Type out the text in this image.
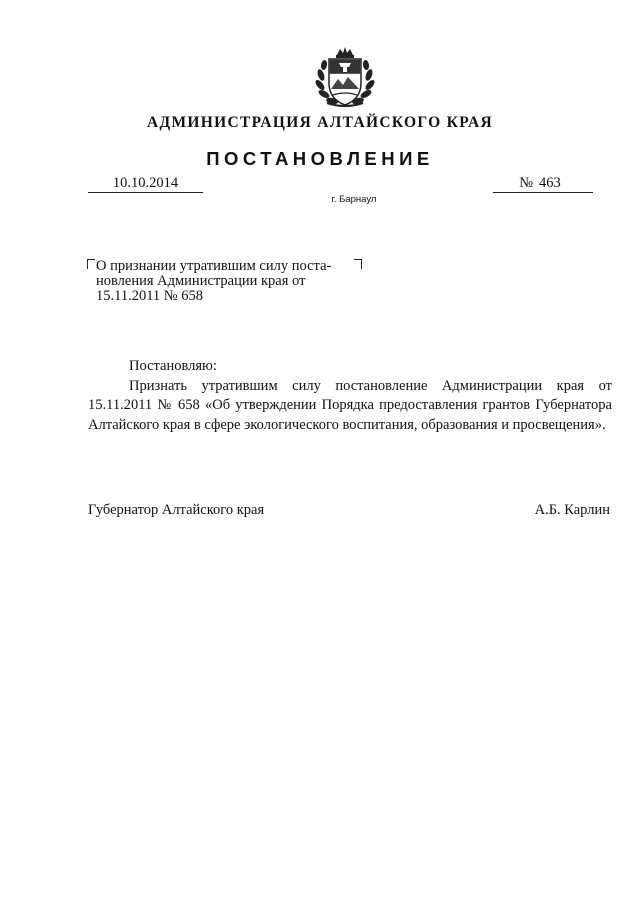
АДМИНИСТРАЦИЯ АЛТАЙСКОГО КРАЯ
ПОСТАНОВЛЕНИЕ
10.10.2014	№ 463
г. Барнаул
О признании утратившим силу поста-
новления Администрации края от
15.11.2011 № 658
Постановляю:
Признать утратившим силу постановление Администрации края от 15.11.2011 № 658 «Об утверждении Порядка предоставления грантов Губернатора Алтайского края в сфере экологического воспитания, образования и просвещения».
Губернатор Алтайского края	А.Б. Карлин
